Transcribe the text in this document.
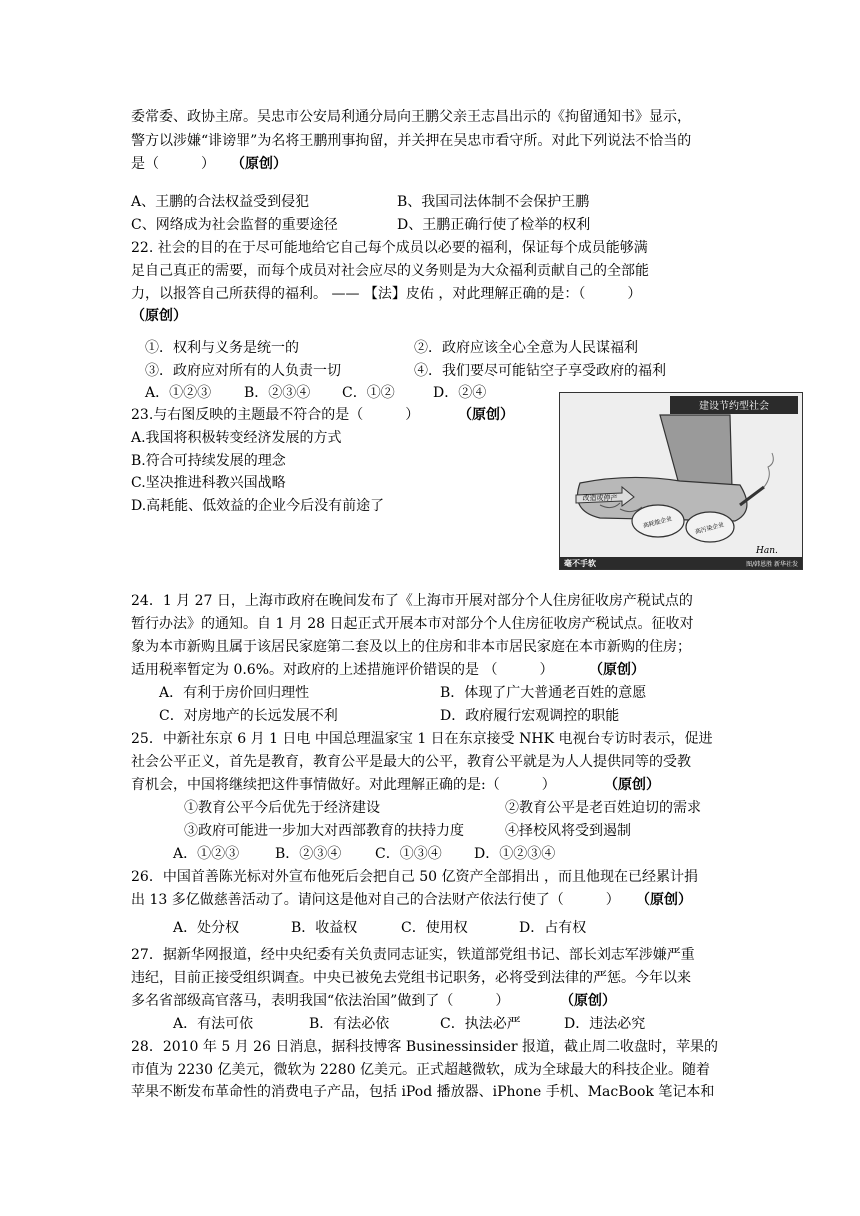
委常委、政协主席。吴忠市公安局利通分局向王鹏父亲王志昌出示的《拘留通知书》显示，
警方以涉嫌“诽谤罪”为名将王鹏刑事拘留，并关押在吴忠市看守所。对此下列说法不恰当的
是（　　　） （原创）
A、王鹏的合法权益受到侵犯	B、我国司法体制不会保护王鹏
C、网络成为社会监督的重要途径	D、王鹏正确行使了检举的权利
22. 社会的目的在于尽可能地给它自己每个成员以必要的福利，保证每个成员能够满
足自己真正的需要，而每个成员对社会应尽的义务则是为大众福利贡献自己的全部能
力，以报答自己所获得的福利。 —— 【法】皮佑 ，对此理解正确的是：（　　　）
（原创）
①．权利与义务是统一的	②．政府应该全心全意为人民谋福利
③．政府应对所有的人负责一切	④．我们要尽可能钻空子享受政府的福利
A．①②③ B．②③④ C．①②	D．②④
23.与右图反映的主题最不符合的是（　　　）	（原创）
A.我国将积极转变经济发展的方式
B.符合可持续发展的理念
C.坚决推进科教兴国战略
D.高耗能、低效益的企业今后没有前途了
建设节约型社会
改造或停产
高耗能企业	高污染企业
Han.
毫不手软	图/韩恩胜 新华社发
24．1 月 27 日，上海市政府在晚间发布了《上海市开展对部分个人住房征收房产税试点的
暂行办法》的通知。自 1 月 28 日起正式开展本市对部分个人住房征收房产税试点。征收对
象为本市新购且属于该居民家庭第二套及以上的住房和非本市居民家庭在本市新购的住房；
适用税率暂定为 0.6%。对政府的上述措施评价错误的是 （　　　）	（原创）
A．有利于房价回归理性	B．体现了广大普通老百姓的意愿
C．对房地产的长远发展不利	D．政府履行宏观调控的职能
25．中新社东京 6 月 1 日电 中国总理温家宝 1 日在东京接受 NHK 电视台专访时表示，促进
社会公平正义，首先是教育，教育公平是最大的公平，教育公平就是为人人提供同等的受教
育机会，中国将继续把这件事情做好。对此理解正确的是:（　　　）	（原创）
①教育公平今后优先于经济建设	②教育公平是老百姓迫切的需求
③政府可能进一步加大对西部教育的扶持力度	④择校风将受到遏制
A．①②③	B．②③④ C．①③④ D．①②③④
26．中国首善陈光标对外宣布他死后会把自己 50 亿资产全部捐出 ，而且他现在已经累计捐
出 13 多亿做慈善活动了。请问这是他对自己的合法财产依法行使了（　　　） （原创）
A．处分权	B．收益权	C．使用权	D．占有权
27．据新华网报道，经中央纪委有关负责同志证实，铁道部党组书记、部长刘志军涉嫌严重
违纪，目前正接受组织调查。中央已被免去党组书记职务，必将受到法律的严惩。今年以来
多名省部级高官落马，表明我国“依法治国”做到了（　　　）	（原创）
A．有法可依	B．有法必依	C．执法必严	D．违法必究
28．2010 年 5 月 26 日消息，据科技博客 Businessinsider 报道，截止周二收盘时，苹果的
市值为 2230 亿美元，微软为 2280 亿美元。正式超越微软，成为全球最大的科技企业。随着
苹果不断发布革命性的消费电子产品，包括 iPod 播放器、iPhone 手机、MacBook 笔记本和
